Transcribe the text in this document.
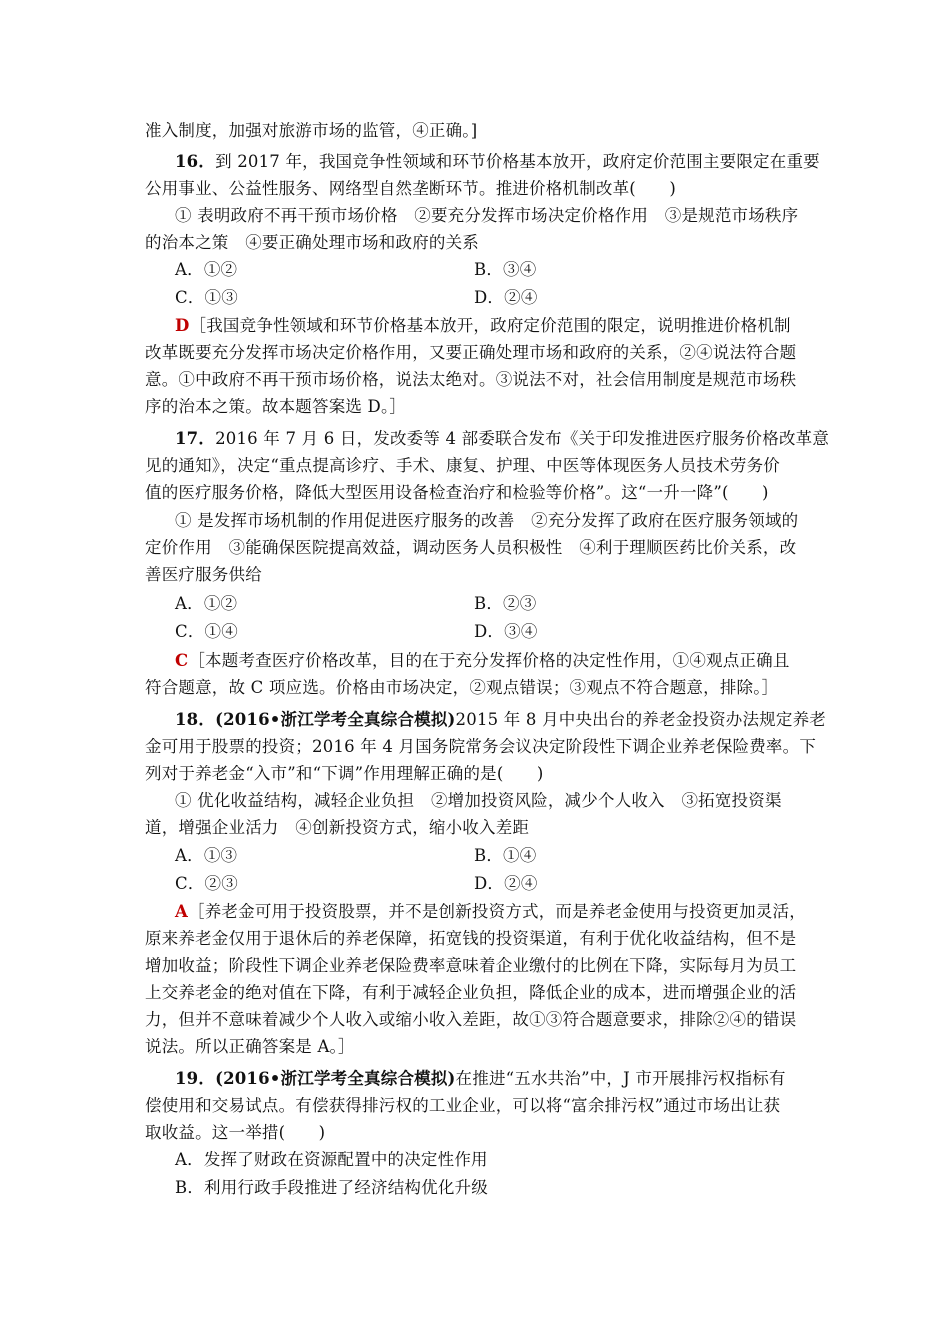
准入制度，加强对旅游市场的监管，④正确。]
16．到 2017 年，我国竞争性领域和环节价格基本放开，政府定价范围主要限定在重要
公用事业、公益性服务、网络型自然垄断环节。推进价格机制改革(　　)
① 表明政府不再干预市场价格　②要充分发挥市场决定价格作用　③是规范市场秩序
的治本之策　④要正确处理市场和政府的关系
A．①②	B．③④
C．①③	D．②④
D［我国竞争性领域和环节价格基本放开，政府定价范围的限定，说明推进价格机制
改革既要充分发挥市场决定价格作用，又要正确处理市场和政府的关系，②④说法符合题
意。①中政府不再干预市场价格，说法太绝对。③说法不对，社会信用制度是规范市场秩
序的治本之策。故本题答案选 D。］
17．2016 年 7 月 6 日，发改委等 4 部委联合发布《关于印发推进医疗服务价格改革意
见的通知》，决定“重点提高诊疗、手术、康复、护理、中医等体现医务人员技术劳务价
值的医疗服务价格，降低大型医用设备检查治疗和检验等价格”。这“一升一降”(　　)
① 是发挥市场机制的作用促进医疗服务的改善　②充分发挥了政府在医疗服务领域的
定价作用　③能确保医院提高效益，调动医务人员积极性　④利于理顺医药比价关系，改
善医疗服务供给
A．①②	B．②③
C．①④	D．③④
C［本题考查医疗价格改革，目的在于充分发挥价格的决定性作用，①④观点正确且
符合题意，故 C 项应选。价格由市场决定，②观点错误；③观点不符合题意，排除。］
18．(2016•浙江学考全真综合模拟)2015 年 8 月中央出台的养老金投资办法规定养老
金可用于股票的投资；2016 年 4 月国务院常务会议决定阶段性下调企业养老保险费率。下
列对于养老金“入市”和“下调”作用理解正确的是(　　)
① 优化收益结构，减轻企业负担　②增加投资风险，减少个人收入　③拓宽投资渠
道，增强企业活力　④创新投资方式，缩小收入差距
A．①③	B．①④
C．②③	D．②④
A［养老金可用于投资股票，并不是创新投资方式，而是养老金使用与投资更加灵活，
原来养老金仅用于退休后的养老保障，拓宽钱的投资渠道，有利于优化收益结构，但不是
增加收益；阶段性下调企业养老保险费率意味着企业缴付的比例在下降，实际每月为员工
上交养老金的绝对值在下降，有利于减轻企业负担，降低企业的成本，进而增强企业的活
力，但并不意味着减少个人收入或缩小收入差距，故①③符合题意要求，排除②④的错误
说法。所以正确答案是 A。］
19．(2016•浙江学考全真综合模拟)在推进“五水共治”中，J 市开展排污权指标有
偿使用和交易试点。有偿获得排污权的工业企业，可以将“富余排污权”通过市场出让获
取收益。这一举措(　　)
A．发挥了财政在资源配置中的决定性作用
B．利用行政手段推进了经济结构优化升级
